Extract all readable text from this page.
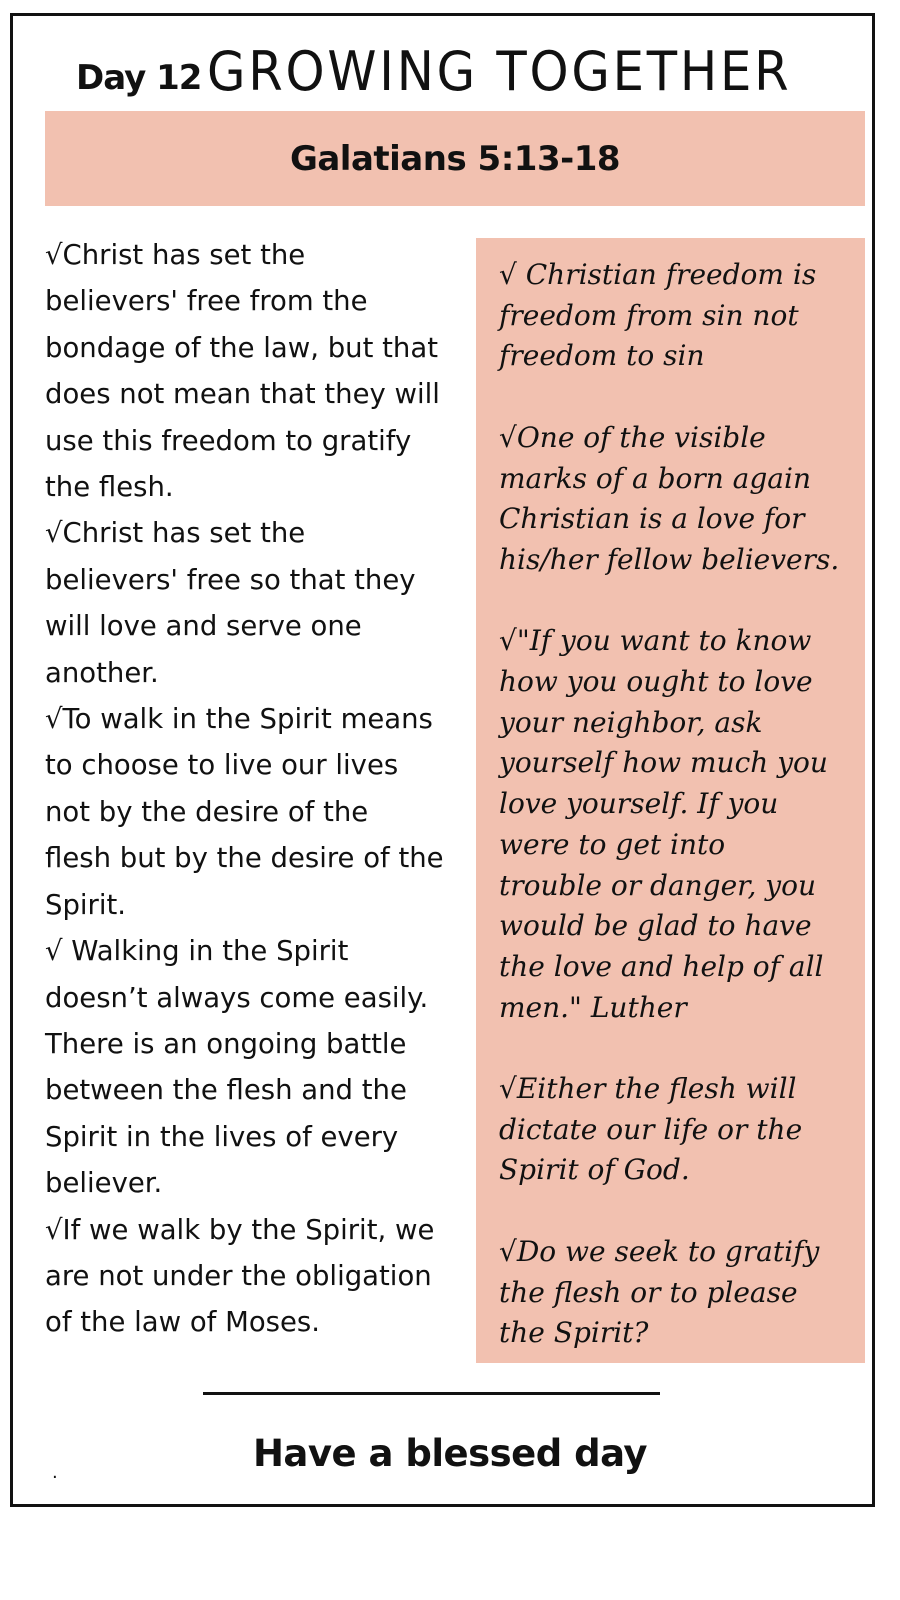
Day 12 GROWING TOGETHER
Galatians 5:13-18
√Christ has set the
believers' free from the
bondage of the law, but that
does not mean that they will
use this freedom to gratify
the flesh.
√Christ has set the
believers' free so that they
will love and serve one
another.
√To walk in the Spirit means
to choose to live our lives
not by the desire of the
flesh but by the desire of the
Spirit.
√ Walking in the Spirit
doesn’t always come easily.
There is an ongoing battle
between the flesh and the
Spirit in the lives of every
believer.
√If we walk by the Spirit, we
are not under the obligation
of the law of Moses.
√ Christian freedom is
freedom from sin not
freedom to sin

√One of the visible
marks of a born again
Christian is a love for
his/her fellow believers.

√"If you want to know
how you ought to love
your neighbor, ask
yourself how much you
love yourself. If you
were to get into
trouble or danger, you
would be glad to have
the love and help of all
men." Luther

√Either the flesh will
dictate our life or the
Spirit of God.

√Do we seek to gratify
the flesh or to please
the Spirit?
.	Have a blessed day
